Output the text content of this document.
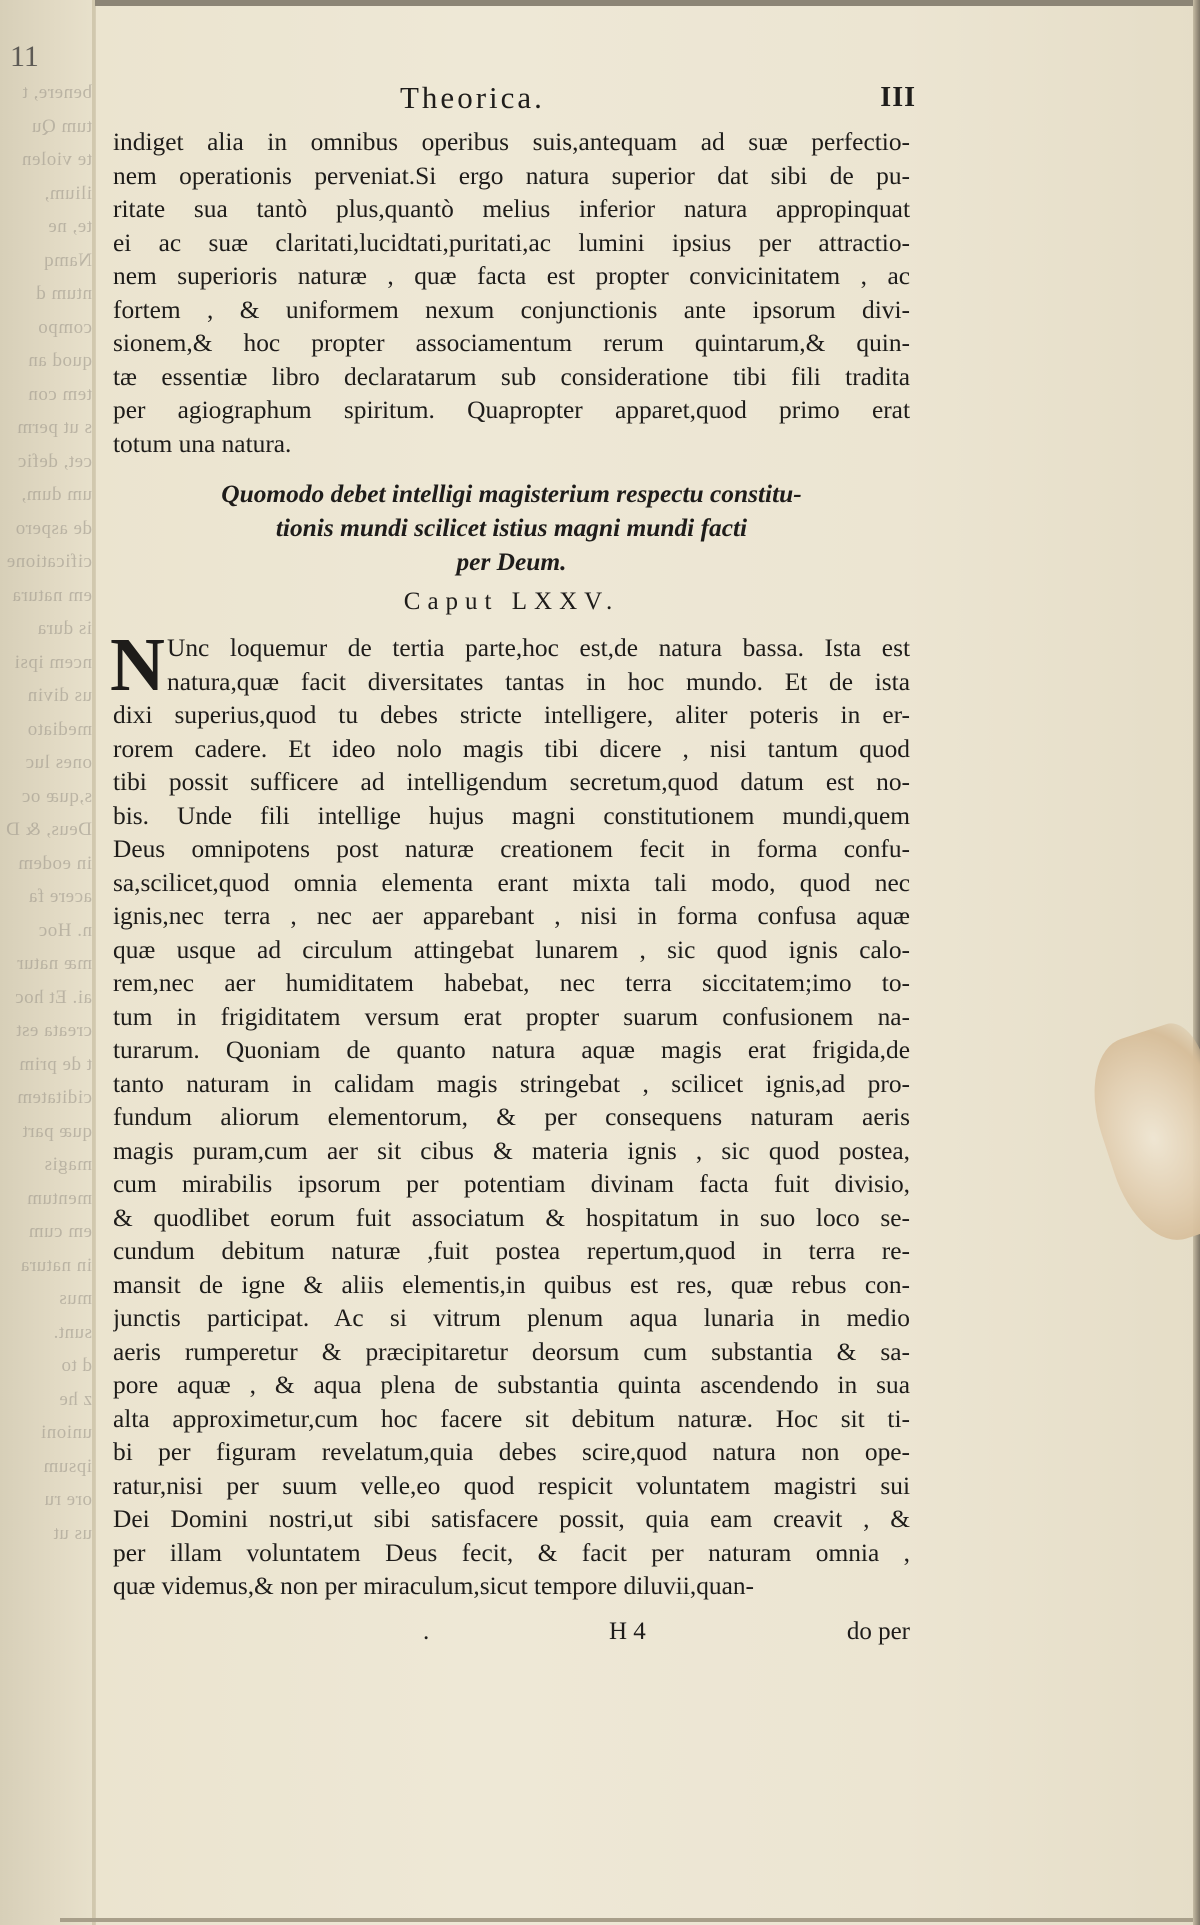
benere, t
tum Qu
te violen
ilium,
te, ne
Namq
ntum d
compo
quod an
tem con
s ut perm
cet, defic
um dum,
de aspero
cificatione
em natura
is dura
ncem ipsi
us divin
mediato
ones luc
s,quæ oc
Deus, & D
in eodem
acere fa
n. Hoc
mæ natur
ai. Et hoc
creata est
t de prim
ciditatem
quæ part
magis
mentum
em cum
in natura
mus
sunt.
d to
z he
unioni
ipsum
ore ru
us ut
11
Theorica.	III
indiget alia in omnibus operibus suis,antequam ad suæ perfectio-
nem operationis perveniat.Si ergo natura superior dat sibi de pu-
ritate sua tantò plus,quantò melius inferior natura appropinquat
ei ac suæ claritati,lucidtati,puritati,ac lumini ipsius per attractio-
nem superioris naturæ , quæ facta est propter convicinitatem , ac
fortem , & uniformem nexum conjunctionis ante ipsorum divi-
sionem,& hoc propter associamentum rerum quintarum,& quin-
tæ essentiæ libro declaratarum sub consideratione tibi fili tradita
per agiographum spiritum. Quapropter apparet,quod primo erat
totum una natura.
Quomodo debet intelligi magisterium respectu constitu-
tionis mundi scilicet istius magni mundi facti
per Deum.
Caput LXXV.
N Unc loquemur de tertia parte,hoc est,de natura bassa. Ista est
natura,quæ facit diversitates tantas in hoc mundo. Et de ista
dixi superius,quod tu debes stricte intelligere, aliter poteris in er-
rorem cadere. Et ideo nolo magis tibi dicere , nisi tantum quod
tibi possit sufficere ad intelligendum secretum,quod datum est no-
bis. Unde fili intellige hujus magni constitutionem mundi,quem
Deus omnipotens post naturæ creationem fecit in forma confu-
sa,scilicet,quod omnia elementa erant mixta tali modo, quod nec
ignis,nec terra , nec aer apparebant , nisi in forma confusa aquæ
quæ usque ad circulum attingebat lunarem , sic quod ignis calo-
rem,nec aer humiditatem habebat, nec terra siccitatem;imo to-
tum in frigiditatem versum erat propter suarum confusionem na-
turarum. Quoniam de quanto natura aquæ magis erat frigida,de
tanto naturam in calidam magis stringebat , scilicet ignis,ad pro-
fundum aliorum elementorum, & per consequens naturam aeris
magis puram,cum aer sit cibus & materia ignis , sic quod postea,
cum mirabilis ipsorum per potentiam divinam facta fuit divisio,
& quodlibet eorum fuit associatum & hospitatum in suo loco se-
cundum debitum naturæ ,fuit postea repertum,quod in terra re-
mansit de igne & aliis elementis,in quibus est res, quæ rebus con-
junctis participat. Ac si vitrum plenum aqua lunaria in medio
aeris rumperetur & præcipitaretur deorsum cum substantia & sa-
pore aquæ , & aqua plena de substantia quinta ascendendo in sua
alta approximetur,cum hoc facere sit debitum naturæ. Hoc sit ti-
bi per figuram revelatum,quia debes scire,quod natura non ope-
ratur,nisi per suum velle,eo quod respicit voluntatem magistri sui
Dei Domini nostri,ut sibi satisfacere possit, quia eam creavit , &
per illam voluntatem Deus fecit, & facit per naturam omnia ,
quæ videmus,& non per miraculum,sicut tempore diluvii,quan-
.	H 4	do per
